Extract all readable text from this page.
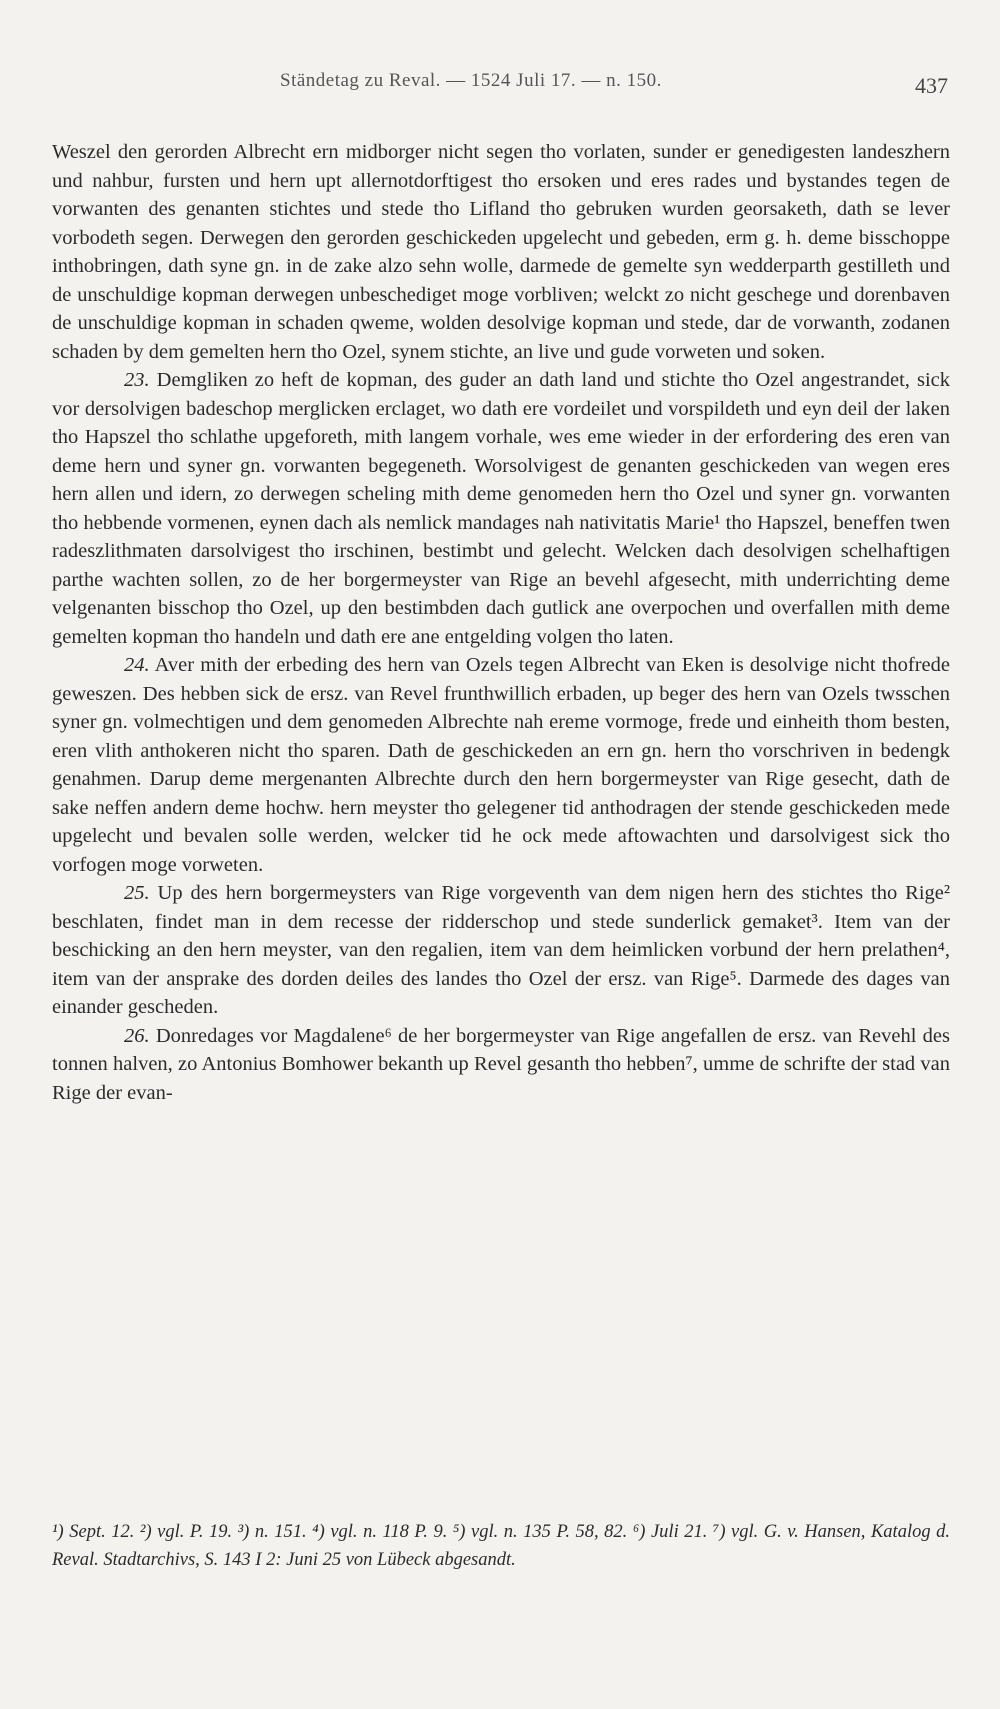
Ständetag zu Reval. — 1524 Juli 17. — n. 150.	437

Weszel den gerorden Albrecht ern midborger nicht segen tho vorlaten, sunder er genedigesten landeszhern und nahbur, fursten und hern upt allernotdorftigest tho ersoken und eres rades und bystandes tegen de vorwanten des genanten stichtes und stede tho Lifland tho gebruken wurden georsaketh, dath se lever vorbodeth segen. Derwegen den gerorden geschickeden upgelecht und gebeden, erm g. h. deme bisschoppe inthobringen, dath syne gn. in de zake alzo sehn wolle, darmede de gemelte syn wedderparth gestilleth und de unschuldige kopman derwegen unbeschediget moge vorbliven; welckt zo nicht geschege und dorenbaven de unschuldige kopman in schaden qweme, wolden desolvige kopman und stede, dar de vorwanth, zodanen schaden by dem gemelten hern tho Ozel, synem stichte, an live und gude vorweten und soken.

23. Demgliken zo heft de kopman, des guder an dath land und stichte tho Ozel angestrandet, sick vor dersolvigen badeschop merglicken erclaget, wo dath ere vordeilet und vorspildeth und eyn deil der laken tho Hapszel tho schlathe upgeforeth, mith langem vorhale, wes eme wieder in der erfordering des eren van deme hern und syner gn. vorwanten begegeneth. Worsolvigest de genanten geschickeden van wegen eres hern allen und idern, zo derwegen scheling mith deme genomeden hern tho Ozel und syner gn. vorwanten tho hebbende vormenen, eynen dach als nemlick mandages nah nativitatis Marie¹ tho Hapszel, beneffen twen radeszlithmaten darsolvigest tho irschinen, bestimbt und gelecht. Welcken dach desolvigen schelhaftigen parthe wachten sollen, zo de her borgermeyster van Rige an bevehl afgesecht, mith underrichting deme velgenanten bisschop tho Ozel, up den bestimbden dach gutlick ane overpochen und overfallen mith deme gemelten kopman tho handeln und dath ere ane entgelding volgen tho laten.

24. Aver mith der erbeding des hern van Ozels tegen Albrecht van Eken is desolvige nicht thofrede geweszen. Des hebben sick de ersz. van Revel frunthwillich erbaden, up beger des hern van Ozels twsschen syner gn. volmechtigen und dem genomeden Albrechte nah ereme vormoge, frede und einheith thom besten, eren vlith anthokeren nicht tho sparen. Dath de geschickeden an ern gn. hern tho vorschriven in bedengk genahmen. Darup deme mergenanten Albrechte durch den hern borgermeyster van Rige gesecht, dath de sake neffen andern deme hochw. hern meyster tho gelegener tid anthodragen der stende geschickeden mede upgelecht und bevalen solle werden, welcker tid he ock mede aftowachten und darsolvigest sick tho vorfogen moge vorweten.

25. Up des hern borgermeysters van Rige vorgeventh van dem nigen hern des stichtes tho Rige² beschlaten, findet man in dem recesse der ridderschop und stede sunderlick gemaket³. Item van der beschicking an den hern meyster, van den regalien, item van dem heimlicken vorbund der hern prelathen⁴, item van der ansprake des dorden deiles des landes tho Ozel der ersz. van Rige⁵. Darmede des dages van einander gescheden.

26. Donredages vor Magdalene⁶ de her borgermeyster van Rige angefallen de ersz. van Revehl des tonnen halven, zo Antonius Bomhower bekanth up Revel gesanth tho hebben⁷, umme de schrifte der stad van Rige der evan-

¹) Sept. 12. ²) vgl. P. 19. ³) n. 151. ⁴) vgl. n. 118 P. 9. ⁵) vgl. n. 135 P. 58, 82. ⁶) Juli 21. ⁷) vgl. G. v. Hansen, Katalog d. Reval. Stadtarchivs, S. 143 I 2: Juni 25 von Lübeck abgesandt.
